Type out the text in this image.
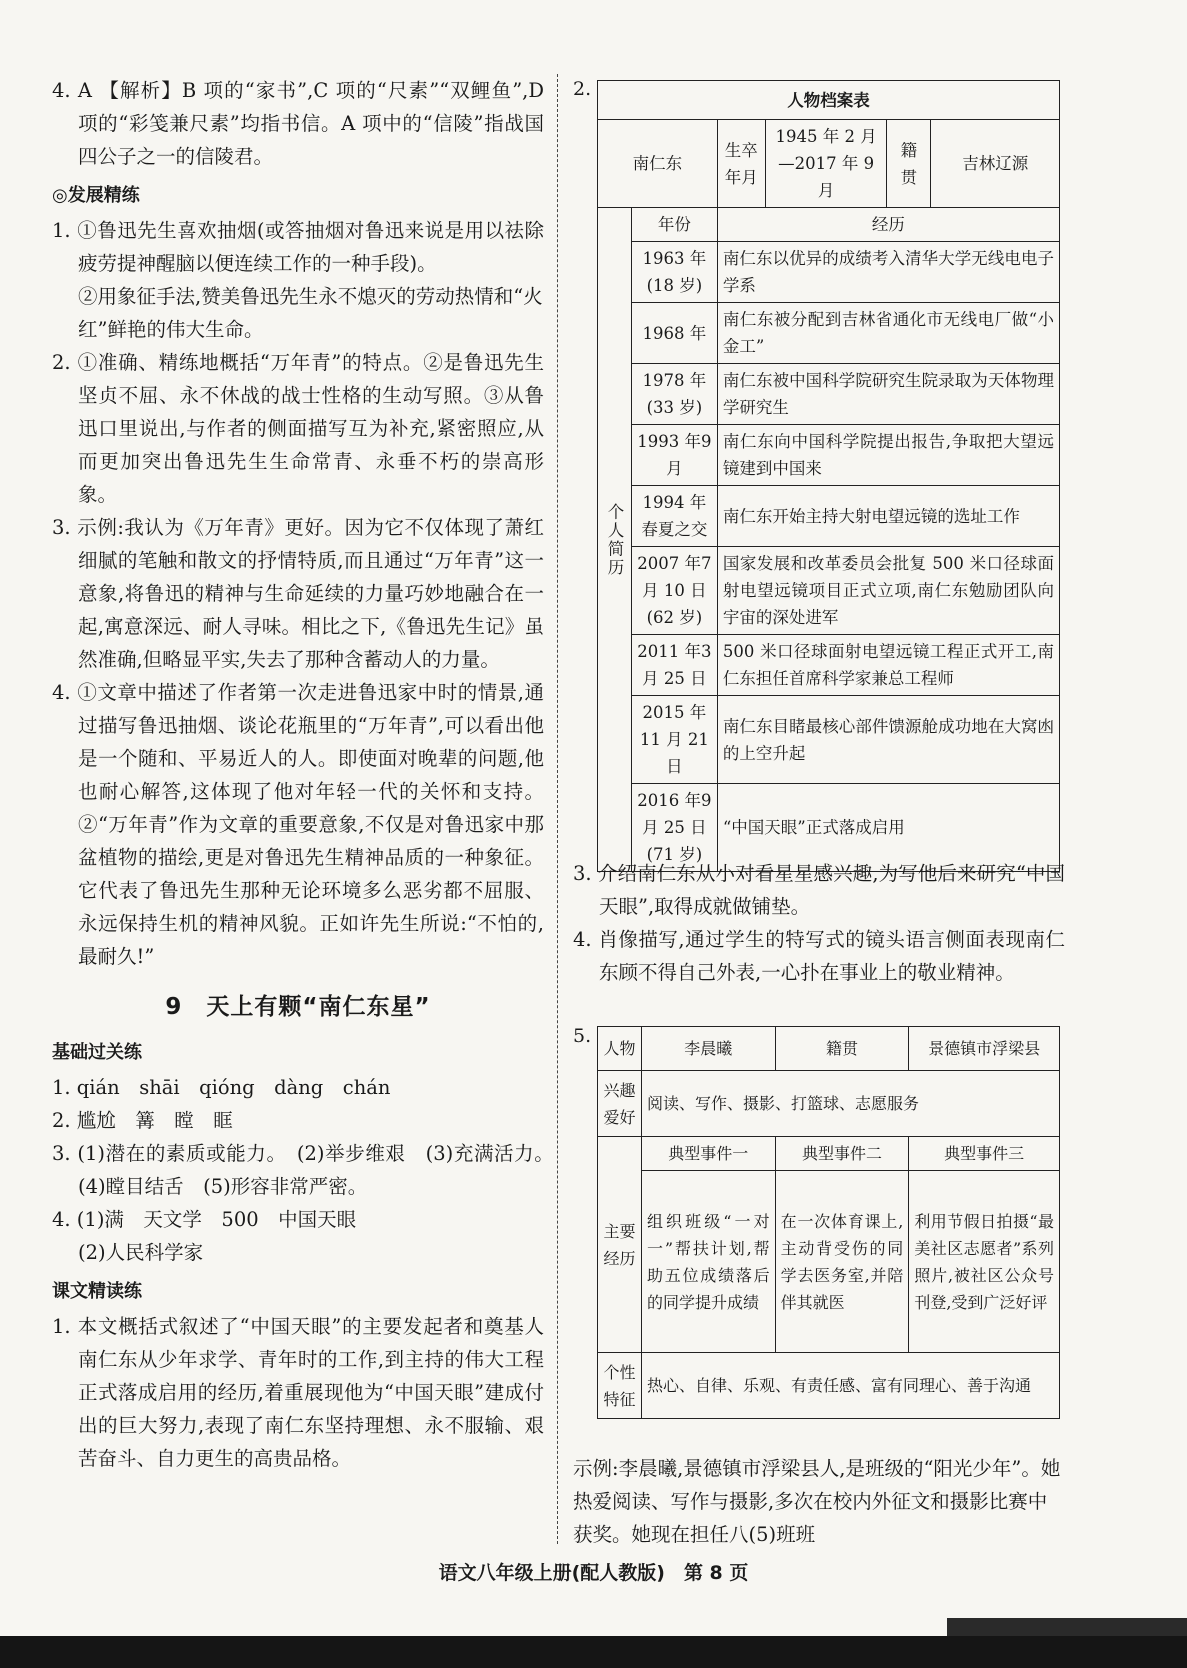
4. A 【解析】B 项的“家书”,C 项的“尺素”“双鲤鱼”,D 项的“彩笺兼尺素”均指书信。A 项中的“信陵”指战国四公子之一的信陵君。

◎发展精练

1. ①鲁迅先生喜欢抽烟(或答抽烟对鲁迅来说是用以祛除疲劳提神醒脑以便连续工作的一种手段)。

②用象征手法,赞美鲁迅先生永不熄灭的劳动热情和“火红”鲜艳的伟大生命。

2. ①准确、精练地概括“万年青”的特点。②是鲁迅先生坚贞不屈、永不休战的战士性格的生动写照。③从鲁迅口里说出,与作者的侧面描写互为补充,紧密照应,从而更加突出鲁迅先生生命常青、永垂不朽的崇高形象。

3. 示例:我认为《万年青》更好。因为它不仅体现了萧红细腻的笔触和散文的抒情特质,而且通过“万年青”这一意象,将鲁迅的精神与生命延续的力量巧妙地融合在一起,寓意深远、耐人寻味。相比之下,《鲁迅先生记》虽然准确,但略显平实,失去了那种含蓄动人的力量。

4. ①文章中描述了作者第一次走进鲁迅家中时的情景,通过描写鲁迅抽烟、谈论花瓶里的“万年青”,可以看出他是一个随和、平易近人的人。即使面对晚辈的问题,他也耐心解答,这体现了他对年轻一代的关怀和支持。②“万年青”作为文章的重要意象,不仅是对鲁迅家中那盆植物的描绘,更是对鲁迅先生精神品质的一种象征。它代表了鲁迅先生那种无论环境多么恶劣都不屈服、永远保持生机的精神风貌。正如许先生所说:“不怕的,最耐久!”

9　天上有颗“南仁东星”

基础过关练

1. qián　shāi　qióng　dàng　chán

2. 尴尬　篝　瞠　眶

3. (1)潜在的素质或能力。　(2)举步维艰　(3)充满活力。　(4)瞠目结舌　(5)形容非常严密。

4. (1)满　天文学　500　中国天眼

(2)人民科学家

课文精读练

1. 本文概括式叙述了“中国天眼”的主要发起者和奠基人南仁东从少年求学、青年时的工作,到主持的伟大工程正式落成启用的经历,着重展现他为“中国天眼”建成付出的巨大努力,表现了南仁东坚持理想、永不服输、艰苦奋斗、自力更生的高贵品格。

2.	人物档案表					
南仁东		生卒年月	1945 年 2 月—2017 年 9 月	籍贯	吉林辽源
个人简历	年份	经历			
	1963 年(18 岁)	南仁东以优异的成绩考入清华大学无线电电子学系			
	1968 年	南仁东被分配到吉林省通化市无线电厂做“小金工”			
	1978 年(33 岁)	南仁东被中国科学院研究生院录取为天体物理学研究生			
	1993 年9 月	南仁东向中国科学院提出报告,争取把大望远镜建到中国来			
	1994 年春夏之交	南仁东开始主持大射电望远镜的选址工作			
	2007 年7 月 10 日(62 岁)	国家发展和改革委员会批复 500 米口径球面射电望远镜项目正式立项,南仁东勉励团队向宇宙的深处进军			
	2011 年3 月 25 日	500 米口径球面射电望远镜工程正式开工,南仁东担任首席科学家兼总工程师			
	2015 年11 月 21 日	南仁东目睹最核心部件馈源舱成功地在大窝凼的上空升起			
	2016 年9 月 25 日(71 岁)	“中国天眼”正式落成启用			

3. 介绍南仁东从小对看星星感兴趣,为写他后来研究“中国天眼”,取得成就做铺垫。

4. 肖像描写,通过学生的特写式的镜头语言侧面表现南仁东顾不得自己外表,一心扑在事业上的敬业精神。

5.
人物	李晨曦	籍贯	景德镇市浮梁县
兴趣爱好	阅读、写作、摄影、打篮球、志愿服务		
主要经历	典型事件一	典型事件二	典型事件三
	组织班级“一对一”帮扶计划,帮助五位成绩落后的同学提升成绩	在一次体育课上,主动背受伤的同学去医务室,并陪伴其就医	利用节假日拍摄“最美社区志愿者”系列照片,被社区公众号刊登,受到广泛好评
个性特征	热心、自律、乐观、有责任感、富有同理心、善于沟通		

示例:李晨曦,景德镇市浮梁县人,是班级的“阳光少年”。她热爱阅读、写作与摄影,多次在校内外征文和摄影比赛中获奖。她现在担任八(5)班班

语文八年级上册(配人教版)　第 8 页
